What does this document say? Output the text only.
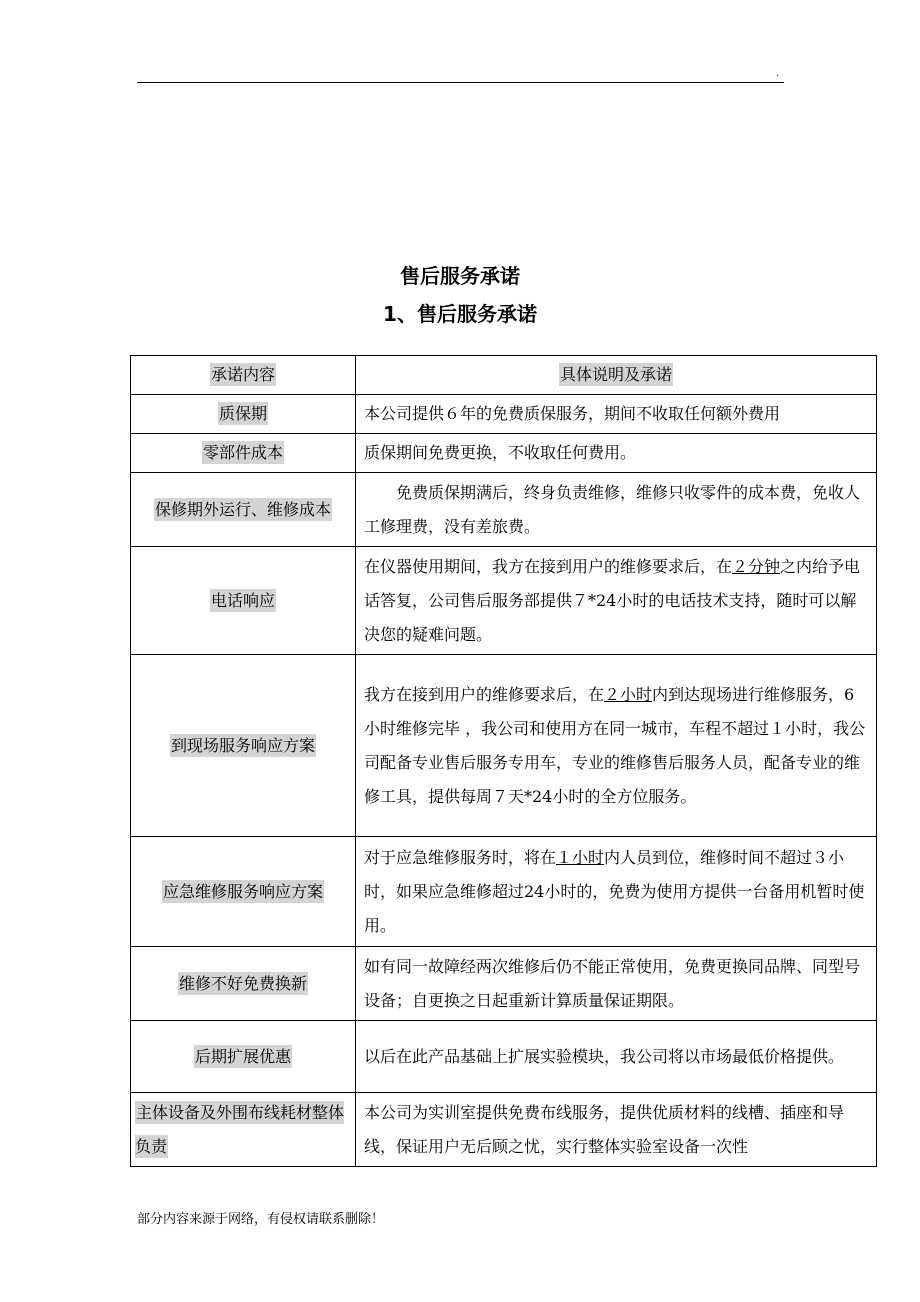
.
售后服务承诺
1、售后服务承诺
承诺内容	具体说明及承诺
质保期	本公司提供６年的免费质保服务，期间不收取任何额外费用
零部件成本	质保期间免费更换，不收取任何费用。
保修期外运行、维修成本	免费质保期满后，终身负责维修，维修只收零件的成本费，免收人工修理费，没有差旅费。

电话响应	在仪器使用期间，我方在接到用户的维修要求后，在２分钟之内给予电话答复，公司售后服务部提供７*24小时的电话技术支持，随时可以解决您的疑难问题。
到现场服务响应方案	我方在接到用户的维修要求后，在２小时内到达现场进行维修服务，6小时维修完毕 ，我公司和使用方在同一城市，车程不超过１小时，我公司配备专业售后服务专用车，专业的维修售后服务人员，配备专业的维修工具，提供每周７天*24小时的全方位服务。
应急维修服务响应方案	对于应急维修服务时，将在１小时内人员到位，维修时间不超过３小时，如果应急维修超过24小时的，免费为使用方提供一台备用机暂时使用。
维修不好免费换新	如有同一故障经两次维修后仍不能正常使用，免费更换同品牌、同型号设备；自更换之日起重新计算质量保证期限。
后期扩展优惠	以后在此产品基础上扩展实验模块，我公司将以市场最低价格提供。
主体设备及外围布线耗材整体负责	本公司为实训室提供免费布线服务，提供优质材料的线槽、插座和导线，保证用户无后顾之忧，实行整体实验室设备一次性
部分内容来源于网络，有侵权请联系删除！
